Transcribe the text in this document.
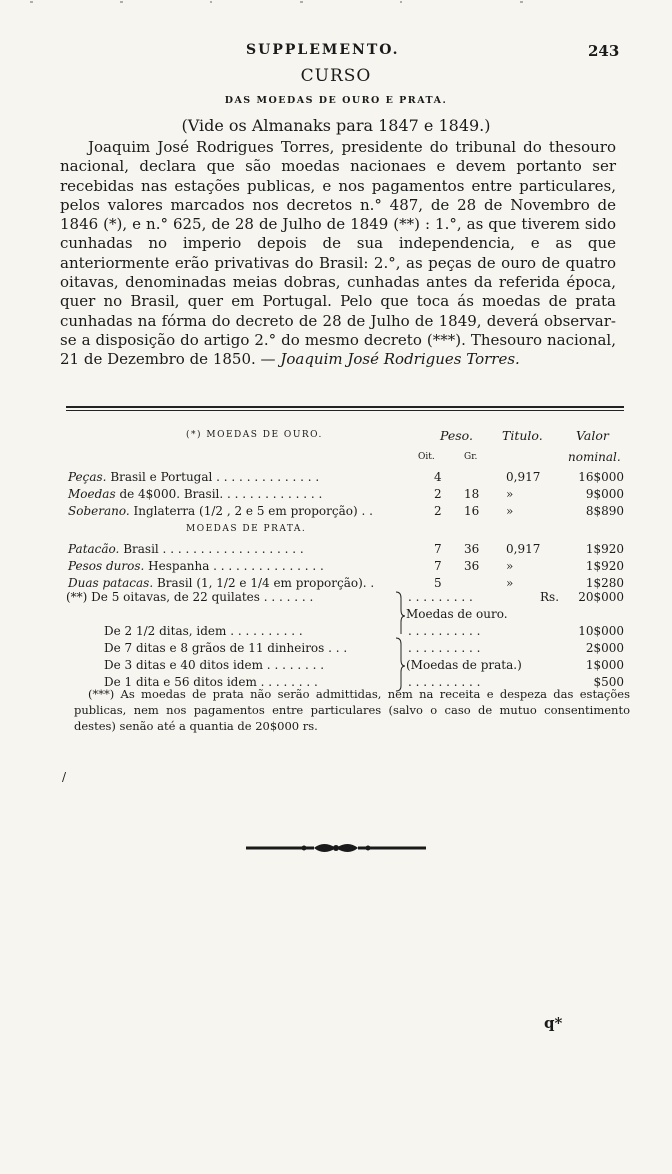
SUPPLEMENTO.	243
CURSO
DAS MOEDAS DE OURO E PRATA.
(Vide os Almanaks para 1847 e 1849.)

Joaquim José Rodrigues Torres, presidente do tribunal do thesouro nacional, declara que são moedas nacionaes e devem portanto ser recebidas nas estações publicas, e nos pagamentos entre particulares, pelos valores marcados nos decretos n.° 487, de 28 de Novembro de 1846 (*), e n.° 625, de 28 de Julho de 1849 (**) : 1.°, as que tiverem sido cunhadas no imperio depois de sua independencia, e as que anteriormente erão privativas do Brasil: 2.°, as peças de ouro de quatro oitavas, denominadas meias dobras, cunhadas antes da referida época, quer no Brasil, quer em Portugal. Pelo que toca ás moedas de prata cunhadas na fórma do decreto de 28 de Julho de 1849, deverá observar-se a disposição do artigo 2.° do mesmo decreto (***). Thesouro nacional, 21 de Dezembro de 1850. — Joaquim José Rodrigues Torres.

(*) MOEDAS DE OURO.	Peso. Titulo.	Valor
nominal.
Oit.	Gr.
Peças. Brasil e Portugal . . . . . . . . . . . . . .	4	0,917	16$000
Moedas de 4$000. Brasil. . . . . . . . . . . . . .	2 18 »	9$000
Soberano. Inglaterra (1/2 , 2 e 5 em proporção) . .	2 16 »	8$890
MOEDAS DE PRATA.
Patacão. Brasil . . . . . . . . . . . . . . . . . . .	7 36 0,917	1$920
Pesos duros. Hespanha . . . . . . . . . . . . . . .	7 36 »	1$920
Duas patacas. Brasil (1, 1/2 e 1/4 em proporção). .	5	»	1$280
(**) De 5 oitavas, de 22 quilates . . . . . . .	. . . . . . . . .	Rs.	20$000
Moedas de ouro.
De 2 1/2 ditas, idem . . . . . . . . . .	. . . . . . . . . .	10$000
De 7 ditas e 8 grãos de 11 dinheiros . . .	. . . . . . . . . .	2$000
De 3 ditas e 40 ditos idem . . . . . . . .	(Moedas de prata.)	1$000
De 1 dita e 56 ditos idem . . . . . . . .	. . . . . . . . . .	$500

(***) As moedas de prata não serão admittidas, nem na receita e despeza das estações publicas, nem nos pagamentos entre particulares (salvo o caso de mutuo consentimento destes) senão até a quantia de 20$000 rs.

/
q*
